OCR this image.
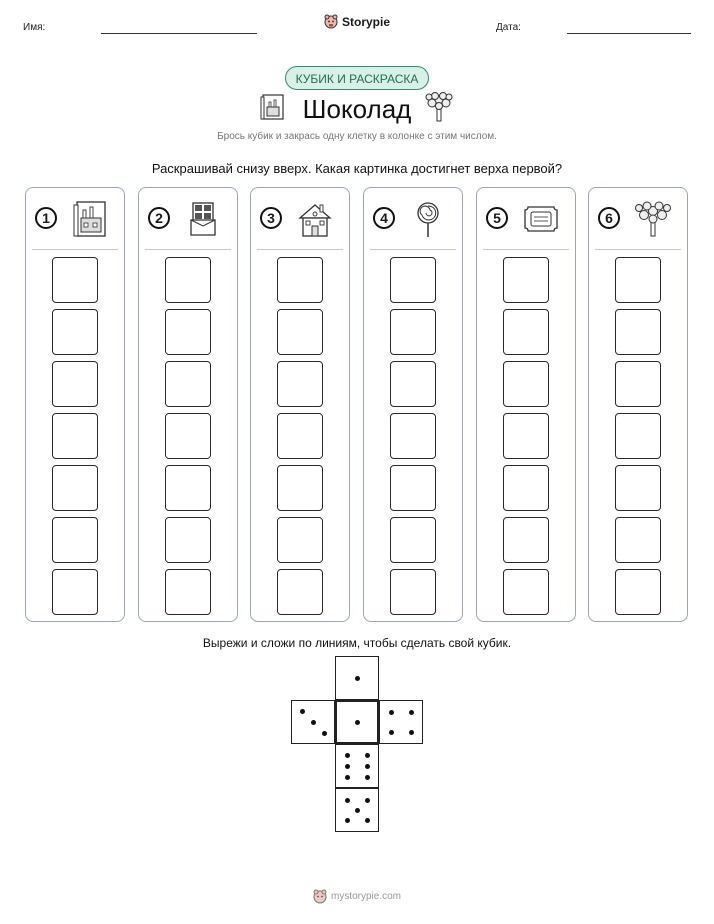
Имя:	Storypie	Дата:
КУБИК И РАСКРАСКА
Шоколад
Брось кубик и закрась одну клетку в колонке с этим числом.
Раскрашивай снизу вверх. Какая картинка достигнет верха первой?
1	2	3	4	5	6
Вырежи и сложи по линиям, чтобы сделать свой кубик.
mystorypie.com
